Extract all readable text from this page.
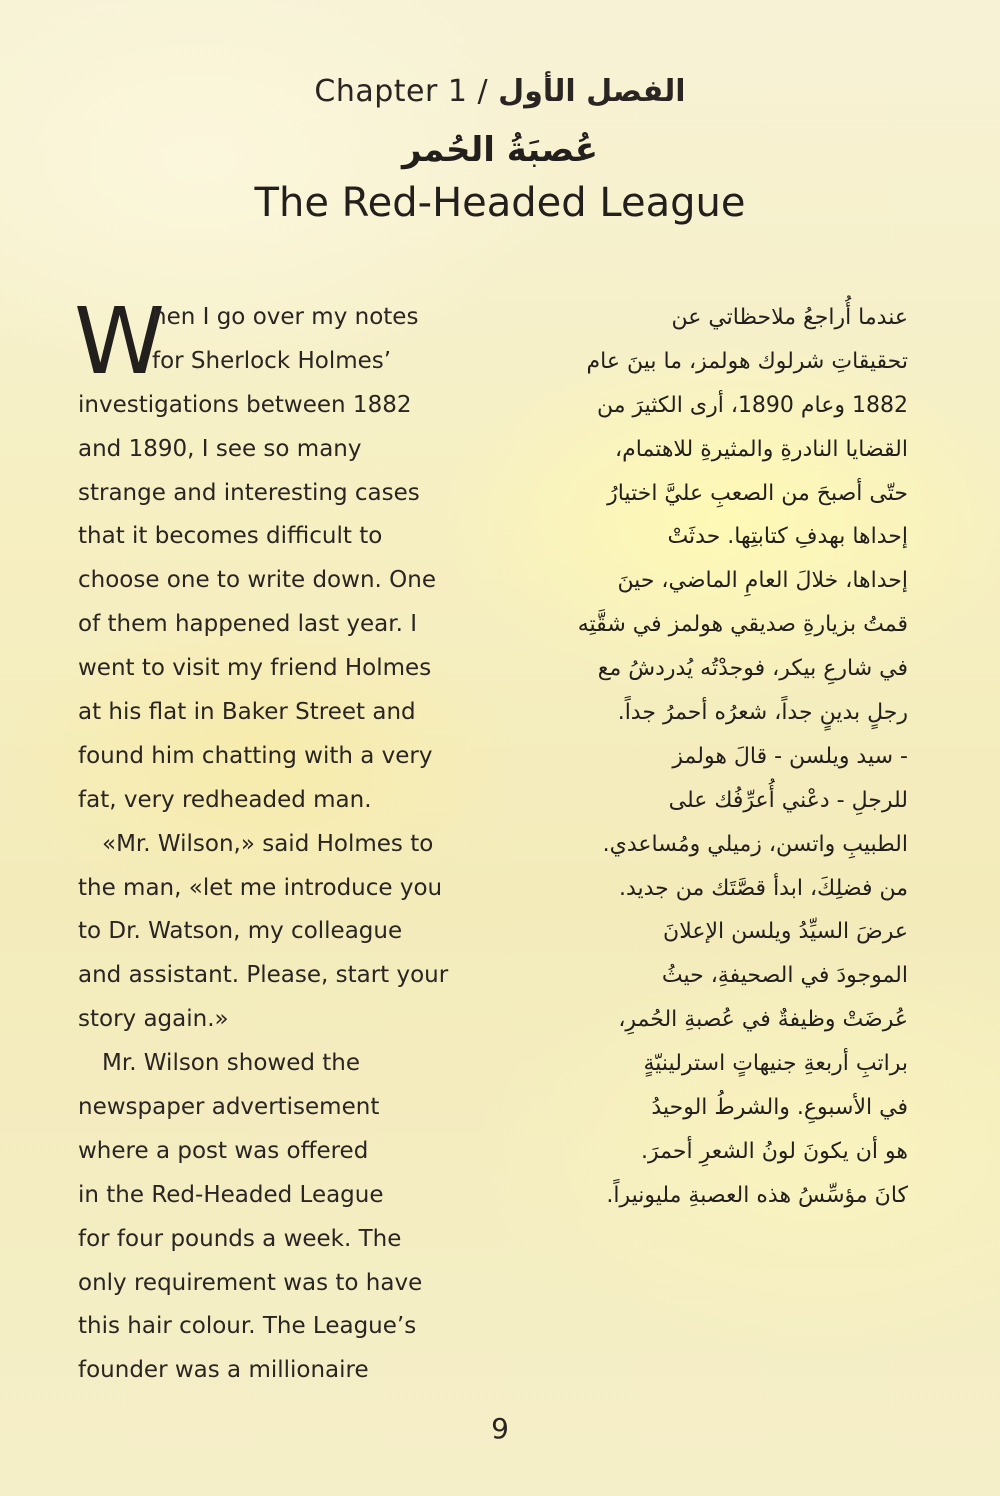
Chapter 1 / الفصل الأول
عُصبَةُ الحُمر
The Red-Headed League
W
hen I go over my notes
for Sherlock Holmes’
investigations between 1882
and 1890, I see so many
strange and interesting cases
that it becomes difficult to
choose one to write down. One
of them happened last year. I
went to visit my friend Holmes
at his flat in Baker Street and
found him chatting with a very
fat, very redheaded man.
«Mr. Wilson,» said Holmes to
the man, «let me introduce you
to Dr. Watson, my colleague
and assistant. Please, start your
story again.»
Mr. Wilson showed the
newspaper advertisement
where a post was offered
in the Red-Headed League
for four pounds a week. The
only requirement was to have
this hair colour. The League’s
founder was a millionaire
عندما أُراجعُ ملاحظاتي عن
تحقيقاتِ شرلوك هولمز، ما بينَ عام
1882 وعام 1890، أرى الكثيرَ من
القضايا النادرةِ والمثيرةِ للاهتمام،
حتّى أصبحَ من الصعبِ عليَّ اختيارُ
إحداها بهدفِ كتابتِها. حدثَتْ
إحداها، خلالَ العامِ الماضي، حينَ
قمتُ بزيارةِ صديقي هولمز في شقَّتِه
في شارعِ بيكر، فوجدْتُه يُدردشُ مع
رجلٍ بدينٍ جداً، شعرُه أحمرُ جداً.
- سيد ويلسن - قالَ هولمز
للرجلِ - دعْني أُعرِّفُك على
الطبيبِ واتسن، زميلي ومُساعدي.
من فضلِكَ، ابدأ قصَّتَك من جديد.
عرضَ السيِّدُ ويلسن الإعلانَ
الموجودَ في الصحيفةِ، حيثُ
عُرضَتْ وظيفةٌ في عُصبةِ الحُمرِ،
براتبِ أربعةِ جنيهاتٍ استرلينيّةٍ
في الأسبوعِ. والشرطُ الوحيدُ
هو أن يكونَ لونُ الشعرِ أحمرَ.
كانَ مؤسِّسُ هذه العصبةِ مليونيراً.
9
